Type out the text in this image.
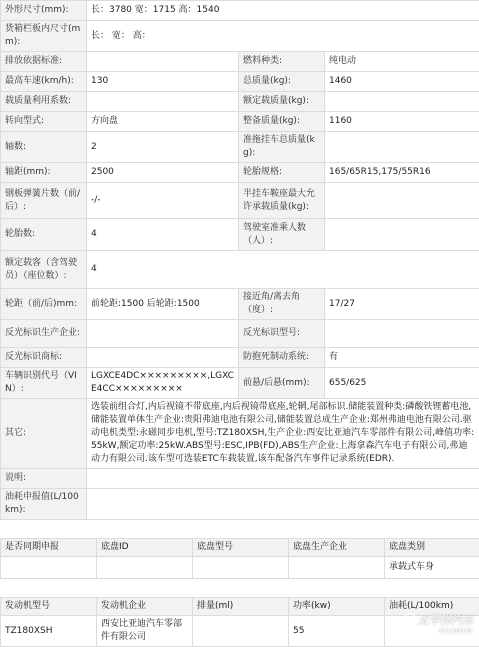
外形尺寸(mm):	长：3780 宽：1715 高：1540		
货箱栏板内尺寸(mm):	长： 宽： 高：		
排放依据标准:		燃料种类:	纯电动
最高车速(km/h):	130	总质量(kg):	1460
载质量利用系数:		额定载质量(kg):	
转向型式:	方向盘	整备质量(kg):	1160
轴数:	2	准拖挂车总质量(kg):	
轴距(mm):	2500	轮胎规格:	165/65R15,175/55R16
钢板弹簧片数（前/后）:	-/-	半挂车鞍座最大允许承载质量(kg):	
轮胎数:	4	驾驶室准乘人数（人）:	
额定载客（含驾驶员）（座位数）:	4		
轮距（前/后)mm:	前轮距:1500 后轮距:1500	接近角/离去角（度）:	17/27
反光标识生产企业:		反光标识型号:	
反光标识商标:		防抱死制动系统:	有
车辆识别代号（VIN）:	LGXCE4DC×××××××××,LGXCE4CC×××××××××	前悬/后悬(mm):	655/625
其它:	选装前组合灯,内后视镜不带底座,内后视镜带底座,轮辋,尾部标识.储能装置种类:磷酸铁锂蓄电池,储能装置单体生产企业:贵阳弗迪电池有限公司,储能装置总成生产企业:郑州弗迪电池有限公司.驱动电机类型:永磁同步电机,型号:TZ180XSH,生产企业:西安比亚迪汽车零部件有限公司,峰值功率:55kW,额定功率:25kW.ABS型号:ESC,IPB(FD),ABS生产企业:上海拿森汽车电子有限公司,弗迪动力有限公司.该车型可选装ETC车载装置,该车配备汽车事件记录系统(EDR).		
说明:			
油耗申报值(L/100km):			
是否同期申报	底盘ID	底盘型号	底盘生产企业	底盘类别
				承载式车身
发动机型号	发动机企业	排量(ml)	功率(kw)	油耗(L/100km)
TZ180XSH	西安比亚迪汽车零部件有限公司		55	
太平洋汽车
PCAUTO
